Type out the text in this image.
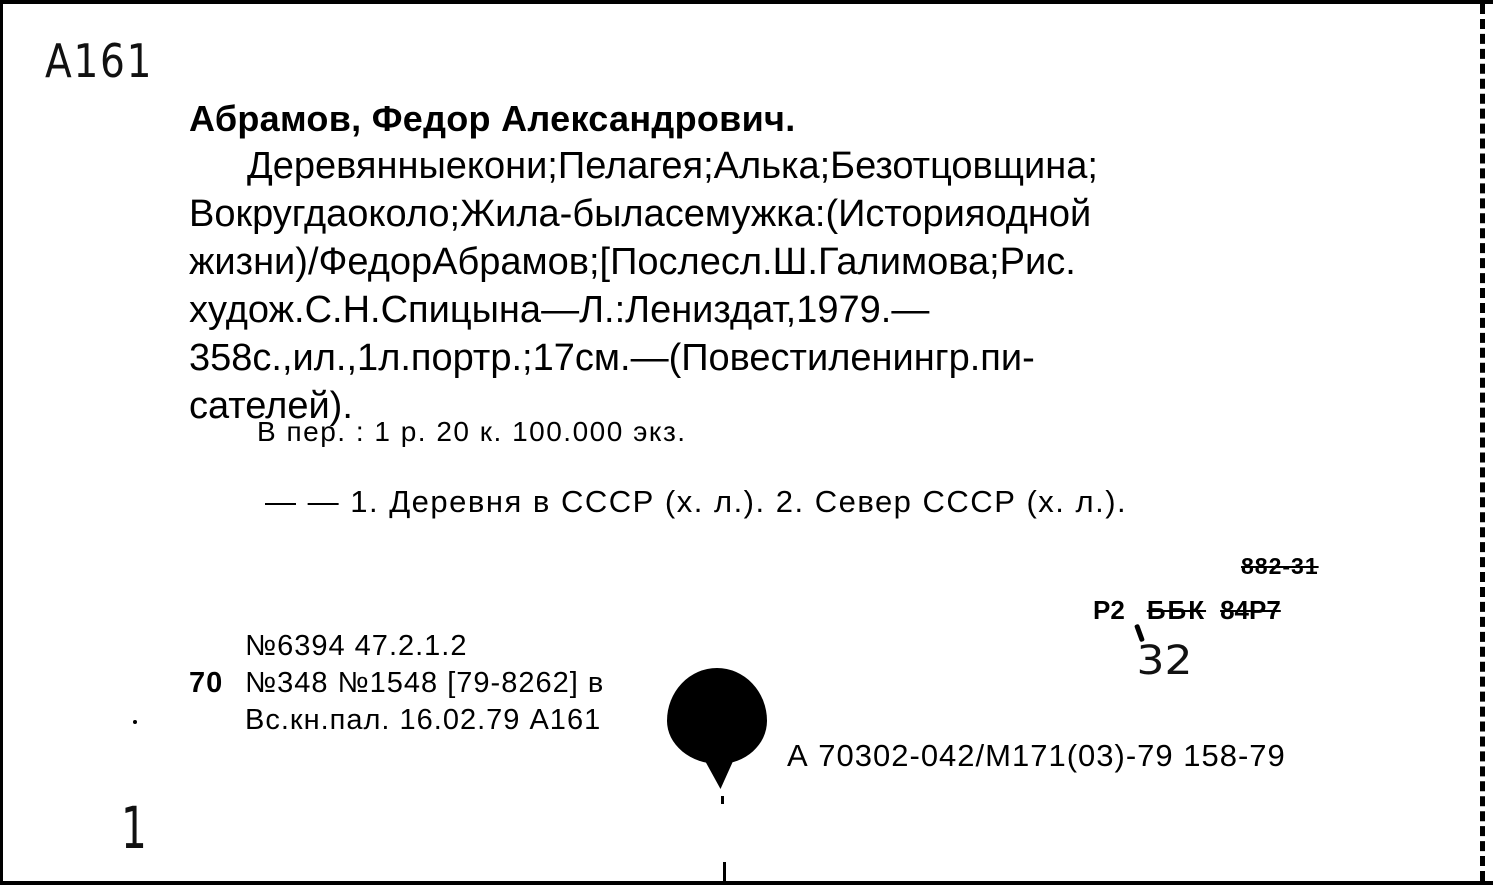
А161
Абрамов, Федор Александрович.
Деревянныекони;Пелагея;Алька;Безотцовщина;
Вокругдаоколо;Жила-быласемужка:(Историяодной
жизни)/ФедорАбрамов;[Послесл.Ш.Галимова;Рис.
худож.С.Н.Спицына—Л.:Лениздат,1979.—
358с.,ил.,1л.портр.;17см.—(Повестиленингр.пи-
сателей).
В пер. : 1 р. 20 к. 100.000 экз.
— — 1. Деревня в СССР (х. л.). 2. Север СССР (х. л.).
882-31
Р2 ББК 84Р7
32
№6394 47.2.1.2
70 №348 №1548 [79-8262] в
Вс.кн.пал. 16.02.79 А161
А 70302-042/М171(03)-79 158-79
1
